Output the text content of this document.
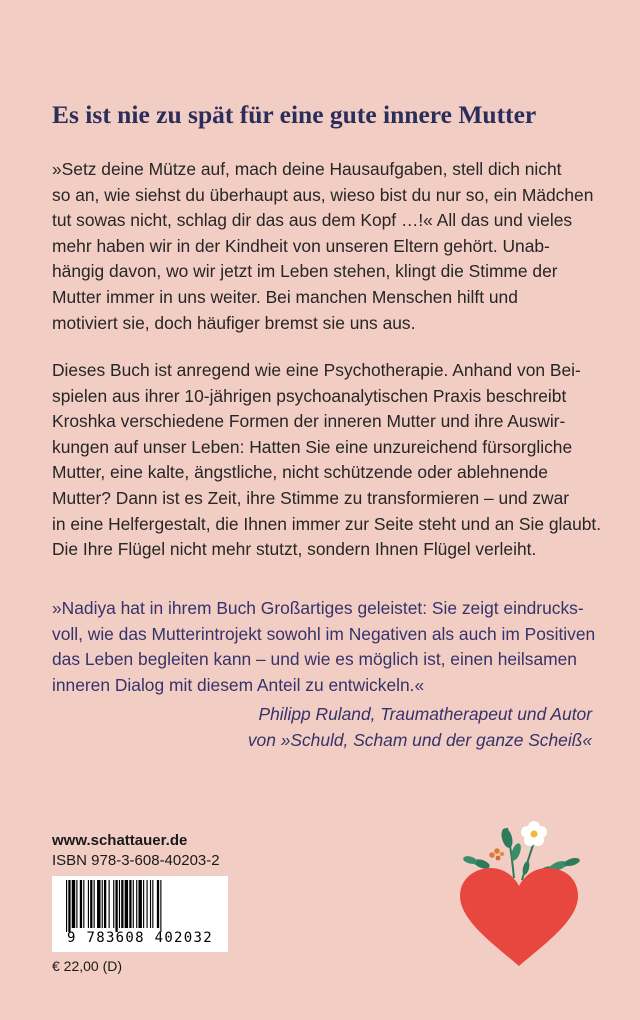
Es ist nie zu spät für eine gute innere Mutter
»Setz deine Mütze auf, mach deine Hausaufgaben, stell dich nicht
so an, wie siehst du überhaupt aus, wieso bist du nur so, ein Mädchen
tut sowas nicht, schlag dir das aus dem Kopf …!« All das und vieles
mehr haben wir in der Kindheit von unseren Eltern gehört. Unab-
hängig davon, wo wir jetzt im Leben stehen, klingt die Stimme der
Mutter immer in uns weiter. Bei manchen Menschen hilft und
motiviert sie, doch häufiger bremst sie uns aus.
Dieses Buch ist anregend wie eine Psychotherapie. Anhand von Bei-
spielen aus ihrer 10-jährigen psychoanalytischen Praxis beschreibt
Kroshka verschiedene Formen der inneren Mutter und ihre Auswir-
kungen auf unser Leben: Hatten Sie eine unzureichend fürsorgliche
Mutter, eine kalte, ängstliche, nicht schützende oder ablehnende
Mutter? Dann ist es Zeit, ihre Stimme zu transformieren – und zwar
in eine Helfergestalt, die Ihnen immer zur Seite steht und an Sie glaubt.
Die Ihre Flügel nicht mehr stutzt, sondern Ihnen Flügel verleiht.
»Nadiya hat in ihrem Buch Großartiges geleistet: Sie zeigt eindrucks-
voll, wie das Mutterintrojekt sowohl im Negativen als auch im Positiven
das Leben begleiten kann – und wie es möglich ist, einen heilsamen
inneren Dialog mit diesem Anteil zu entwickeln.«
Philipp Ruland, Traumatherapeut und Autor
von »Schuld, Scham und der ganze Scheiß«
www.schattauer.de
ISBN 978-3-608-40203-2
9 783608 402032
€ 22,00 (D)
